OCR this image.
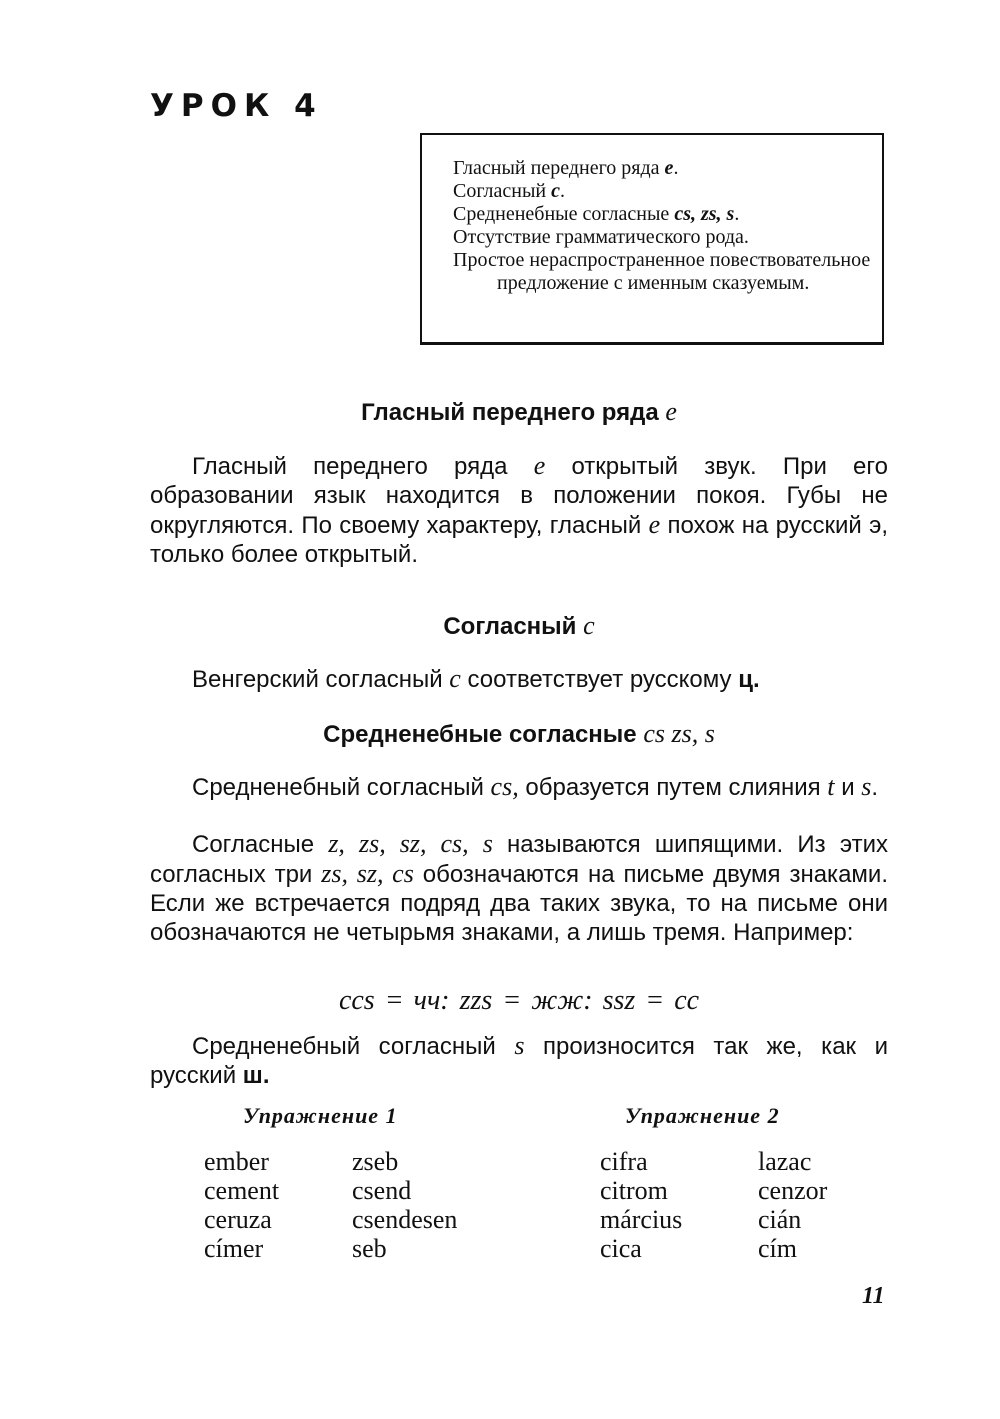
УРОК 4
Гласный переднего ряда e.
Согласный c.
Средненебные согласные cs, zs, s.
Отсутствие грамматического рода.
Простое нераспространенное повествовательное предложение с именным сказуемым.
Гласный переднего ряда e

Гласный переднего ряда e открытый звук. При его образовании язык находится в положении покоя. Губы не округляются. По своему характеру, гласный e похож на русский э, только более открытый.

Согласный c

Венгерский согласный c соответствует русскому ц.

Средненебные согласные cs zs, s

Средненебный согласный cs, образуется путем слияния t и s.

Согласные z, zs, sz, cs, s называются шипящими. Из этих согласных три zs, sz, cs обозначаются на письме двумя знаками. Если же встречается подряд два таких звука, то на письме они обозначаются не четырьмя знаками, а лишь тремя. Например:

ccs = чч: zzs = жж: ssz = cc

Средненебный согласный s произносится так же, как и русский ш.

Упражнение 1	Упражнение 2
ember
cement
ceruza
címer
zseb
csend
csendesen
seb
cifra
citrom
március
cica
lazac
cenzor
cián
cím

11
